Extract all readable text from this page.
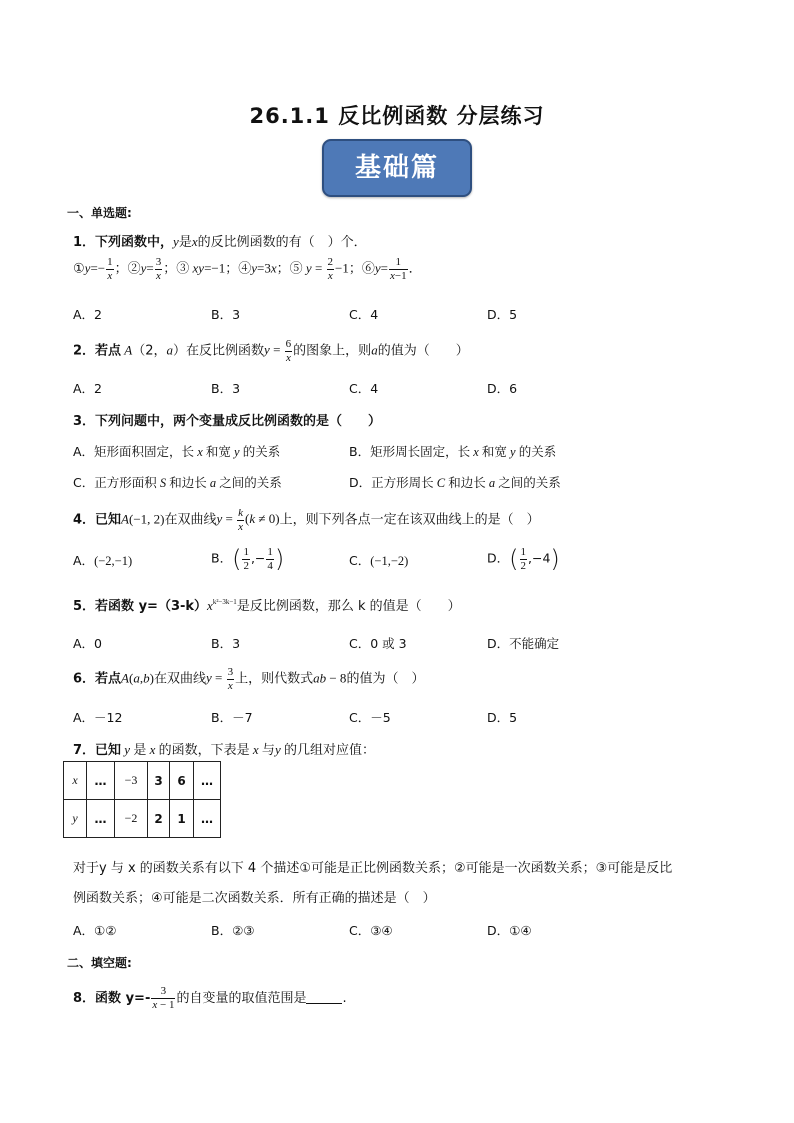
26.1.1 反比例函数 分层练习
基础篇
一、单选题:
1．下列函数中，y是x的反比例函数的有（　）个．
①y=− $\frac{1}{x}$ ；②y= $\frac{3}{x}$ ；③ xy=−1；④y=3x；⑤ $y = \frac{2}{x} -1$；⑥y= $\frac{1}{x-1}$ ．
A．2	B．3	C．4	D．5
2．若点 A（2，a）在反比例函数$y = \frac{6}{x}$ 的图象上，则a的值为（　　）
A．2	B．3	C．4	D．6
3．下列问题中，两个变量成反比例函数的是（　　）
A．矩形面积固定，长 x 和宽 y 的关系	B．矩形周长固定，长 x 和宽 y 的关系
C．正方形面积 S 和边长 a 之间的关系	D．正方形周长 C 和边长 a 之间的关系
4．已知A(−1, 2)在双曲线$y = \frac{k}{x} (k \ne 0)$上，则下列各点一定在该双曲线上的是（　）
A．(−2,−1)	B．( $\frac{1}{2}$ ,− $\frac{1}{4}$ )	C．(−1,−2)	D．( $\frac{1}{2} ,-4$)
5．若函数 $y=(3-k)x^{k^2-3k-1}$是反比例函数，那么 k 的值是（　　）
A．0	B．3	C．0 或 3	D．不能确定
6．若点A(a,b)在双曲线$y = \frac{3}{x}$ 上，则代数式ab − 8的值为（　）
A．－12	B．－7	C．－5	D．5
7．已知 y 是 x 的函数，下表是 x 与y 的几组对应值：
x	…	−3	3	6	…
y	…	−2	2	1	…
对于y 与 x 的函数关系有以下 4 个描述①可能是正比例函数关系；②可能是一次函数关系；③可能是反比
例函数关系；④可能是二次函数关系．所有正确的描述是（　）
A．①②	B．②③	C．③④	D．①④
二、填空题:
8．函数 $y=- \frac{3}{x - 1}$ 的自变量的取值范围是	.
